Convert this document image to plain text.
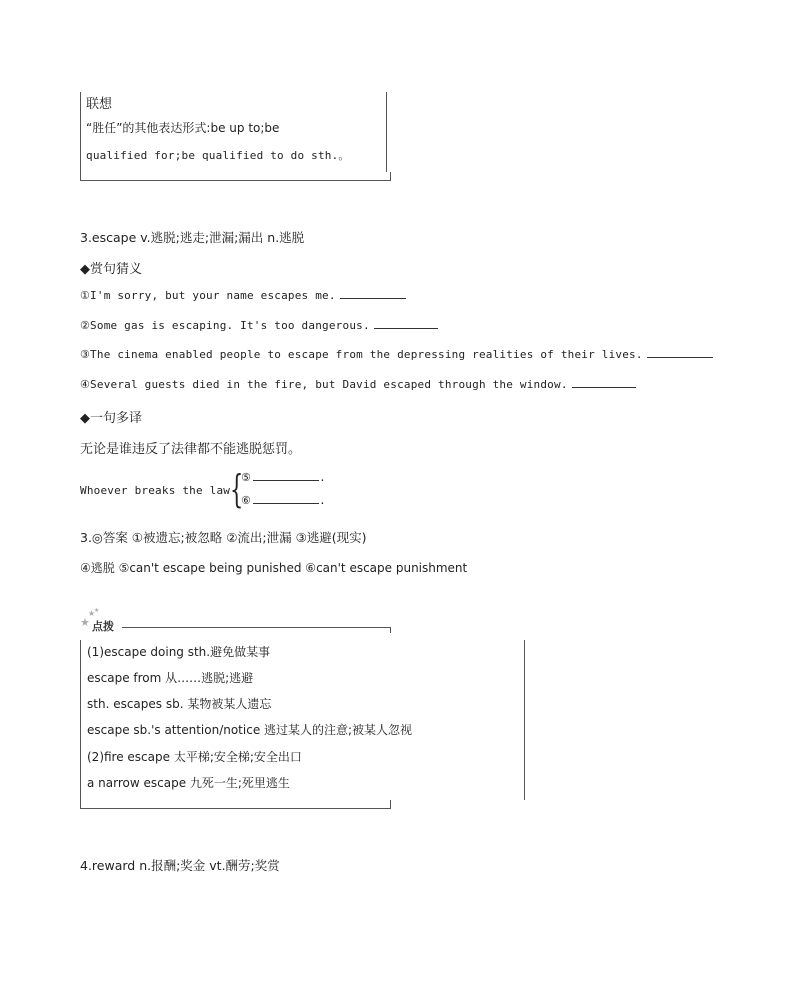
联想
“胜任”的其他表达形式:be up to;be
qualified for;be qualified to do sth.。
3.escape v.逃脱;逃走;泄漏;漏出 n.逃脱
◆赏句猜义
①I'm sorry, but your name escapes me.
②Some gas is escaping. It's too dangerous.
③The cinema enabled people to escape from the depressing realities of their lives.
④Several guests died in the fire, but David escaped through the window.
◆一句多译
无论是谁违反了法律都不能逃脱惩罚。
Whoever breaks the law {
⑤	.
⑥	.
3.◎答案 ①被遗忘;被忽略 ②流出;泄漏 ③逃避(现实)
④逃脱 ⑤can't escape being punished ⑥can't escape punishment
★
★
★
点拨
(1)escape doing sth.避免做某事
escape from 从……逃脱;逃避
sth. escapes sb. 某物被某人遗忘
escape sb.'s attention/notice 逃过某人的注意;被某人忽视
(2)fire escape 太平梯;安全梯;安全出口
a narrow escape 九死一生;死里逃生
4.reward n.报酬;奖金 vt.酬劳;奖赏
